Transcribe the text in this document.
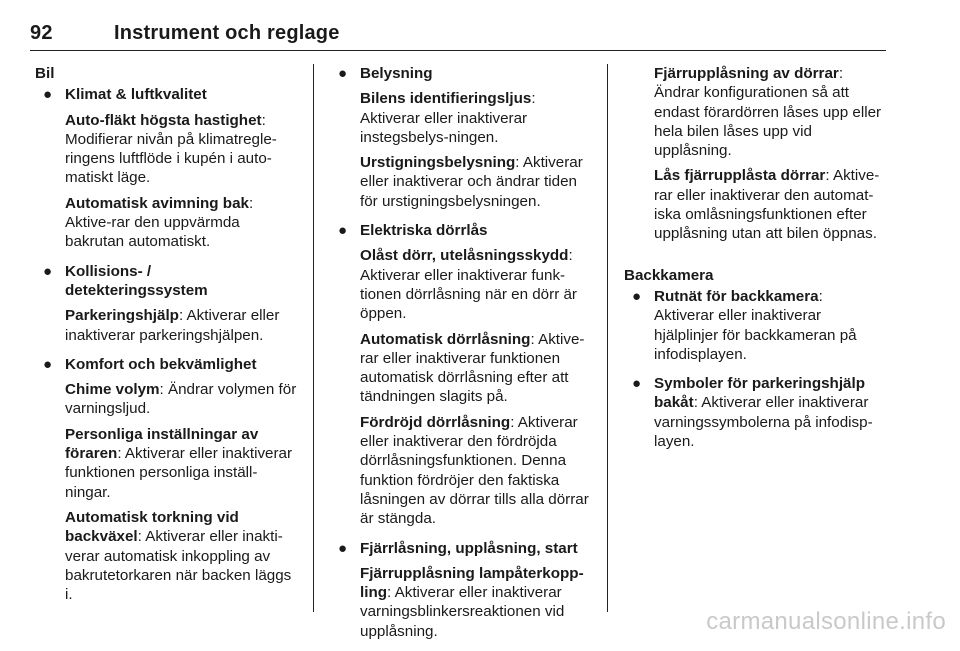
92	Instrument och reglage
Bil
● Klimat & luftkvalitet
Auto-fläkt högsta hastighet: Modifierar nivån på klimatregle-ringens luftflöde i kupén i auto-matiskt läge.
Automatisk avimning bak: Aktive-rar den uppvärmda bakrutan automatiskt.
● Kollisions- / detekteringssystem
Parkeringshjälp: Aktiverar eller inaktiverar parkeringshjälpen.
● Komfort och bekvämlighet
Chime volym: Ändrar volymen för varningsljud.
Personliga inställningar av föraren: Aktiverar eller inaktiverar funktionen personliga inställ-ningar.
Automatisk torkning vid backväxel: Aktiverar eller inakti-verar automatisk inkoppling av bakrutetorkaren när backen läggs i.
● Belysning
Bilens identifieringsljus: Aktiverar eller inaktiverar instegsbelys-ningen.
Urstigningsbelysning: Aktiverar eller inaktiverar och ändrar tiden för urstigningsbelysningen.
● Elektriska dörrlås
Olåst dörr, utelåsningsskydd: Aktiverar eller inaktiverar funk-tionen dörrlåsning när en dörr är öppen.
Automatisk dörrlåsning: Aktive-rar eller inaktiverar funktionen automatisk dörrlåsning efter att tändningen slagits på.
Fördröjd dörrlåsning: Aktiverar eller inaktiverar den fördröjda dörrlåsningsfunktionen. Denna funktion fördröjer den faktiska låsningen av dörrar tills alla dörrar är stängda.
● Fjärrlåsning, upplåsning, start
Fjärrupplåsning lampåterkopp-ling: Aktiverar eller inaktiverar varningsblinkersreaktionen vid upplåsning.
Fjärrupplåsning av dörrar: Ändrar konfigurationen så att endast förardörren låses upp eller hela bilen låses upp vid upplåsning.
Lås fjärrupplåsta dörrar: Aktive-rar eller inaktiverar den automat-iska omlåsningsfunktionen efter upplåsning utan att bilen öppnas.
Backkamera
● Rutnät för backkamera: Aktiverar eller inaktiverar hjälplinjer för backkameran på infodisplayen.
● Symboler för parkeringshjälp bakåt: Aktiverar eller inaktiverar varningssymbolerna på infodisp-layen.
carmanualsonline.info
